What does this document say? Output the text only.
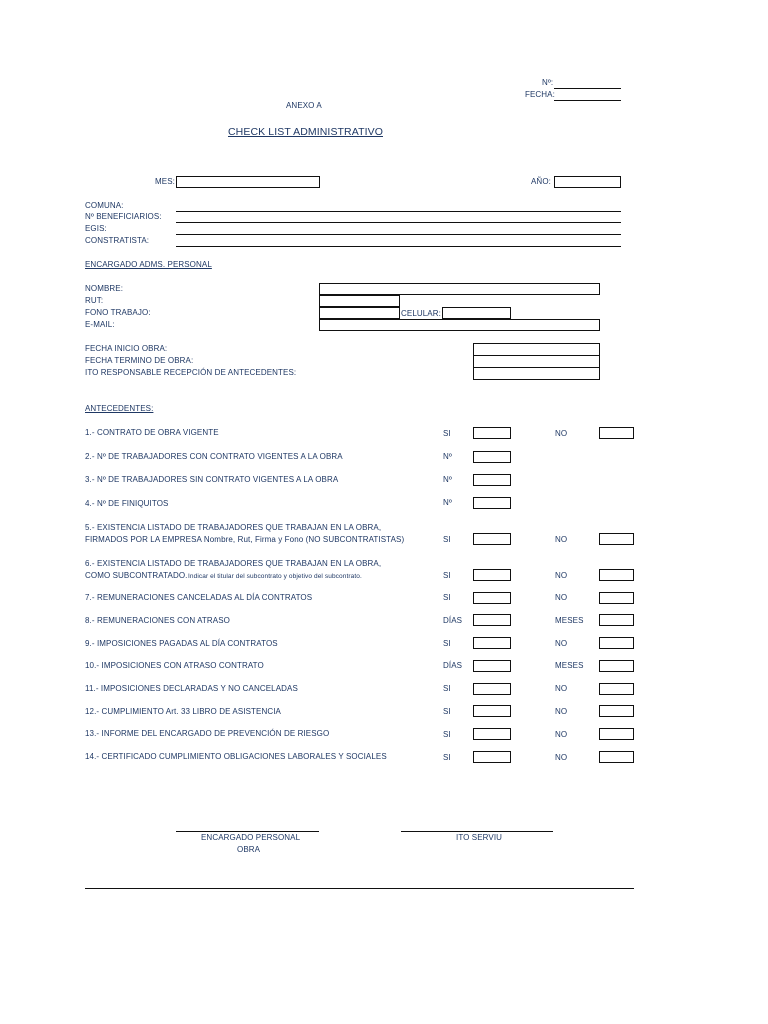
Nº:
FECHA:
ANEXO A
CHECK LIST ADMINISTRATIVO
MES:	AÑO:
COMUNA:
Nº BENEFICIARIOS:
EGIS:
CONSTRATISTA:
ENCARGADO ADMS. PERSONAL
NOMBRE:
RUT:
FONO TRABAJO:	CELULAR:
E-MAIL:
FECHA INICIO OBRA:
FECHA TERMINO DE OBRA:
ITO RESPONSABLE RECEPCIÓN DE ANTECEDENTES:
ANTECEDENTES:
1.- CONTRATO DE OBRA VIGENTE	SI	NO
2.- Nº DE TRABAJADORES CON CONTRATO VIGENTES A LA OBRA	Nº
3.- Nº DE TRABAJADORES SIN CONTRATO VIGENTES A LA OBRA	Nº
4.- Nº DE FINIQUITOS	Nº
5.- EXISTENCIA LISTADO DE TRABAJADORES QUE TRABAJAN EN LA OBRA,
FIRMADOS POR LA EMPRESA Nombre, Rut, Firma y Fono (NO SUBCONTRATISTAS)	SI	NO
6.- EXISTENCIA LISTADO DE TRABAJADORES QUE TRABAJAN EN LA OBRA,
COMO SUBCONTRATADO. Indicar el titular del subcontrato y objetivo del subcontrato.	SI	NO
7.- REMUNERACIONES CANCELADAS AL DÍA CONTRATOS	SI	NO
8.- REMUNERACIONES CON ATRASO	DÍAS	MESES
9.- IMPOSICIONES PAGADAS AL DÍA CONTRATOS	SI	NO
10.- IMPOSICIONES CON ATRASO CONTRATO	DÍAS	MESES
11.- IMPOSICIONES DECLARADAS Y NO CANCELADAS	SI	NO
12.- CUMPLIMIENTO Art. 33 LIBRO DE ASISTENCIA	SI	NO
13.- INFORME DEL ENCARGADO DE PREVENCIÓN DE RIESGO	SI	NO
14.- CERTIFICADO CUMPLIMIENTO OBLIGACIONES LABORALES Y SOCIALES	SI	NO
ENCARGADO PERSONAL
OBRA
ITO SERVIU
